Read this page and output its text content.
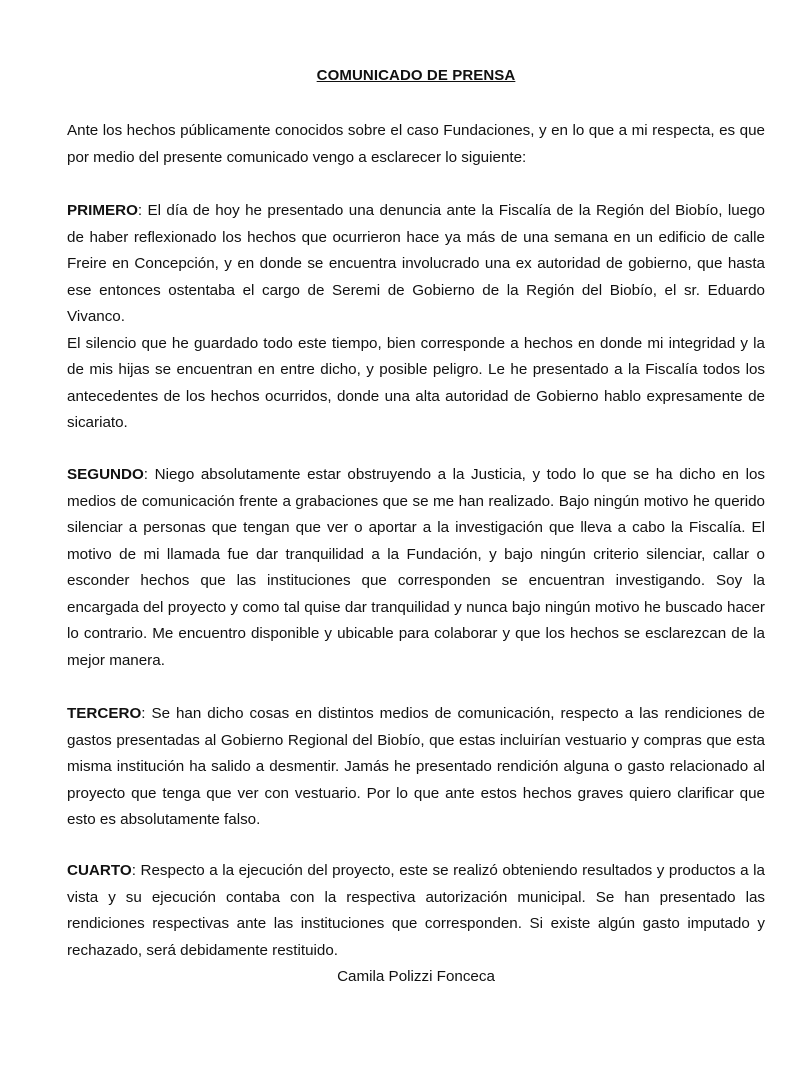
COMUNICADO DE PRENSA

Ante los hechos públicamente conocidos sobre el caso Fundaciones, y en lo que a mi respecta, es que por medio del presente comunicado vengo a esclarecer lo siguiente:

PRIMERO: El día de hoy he presentado una denuncia ante la Fiscalía de la Región del Biobío, luego de haber reflexionado los hechos que ocurrieron hace ya más de una semana en un edificio de calle Freire en Concepción, y en donde se encuentra involucrado una ex autoridad de gobierno, que hasta ese entonces ostentaba el cargo de Seremi de Gobierno de la Región del Biobío, el sr. Eduardo Vivanco.

El silencio que he guardado todo este tiempo, bien corresponde a hechos en donde mi integridad y la de mis hijas se encuentran en entre dicho, y posible peligro. Le he presentado a la Fiscalía todos los antecedentes de los hechos ocurridos, donde una alta autoridad de Gobierno hablo expresamente de sicariato.

SEGUNDO: Niego absolutamente estar obstruyendo a la Justicia, y todo lo que se ha dicho en los medios de comunicación frente a grabaciones que se me han realizado. Bajo ningún motivo he querido silenciar a personas que tengan que ver o aportar a la investigación que lleva a cabo la Fiscalía. El motivo de mi llamada fue dar tranquilidad a la Fundación, y bajo ningún criterio silenciar, callar o esconder hechos que las instituciones que corresponden se encuentran investigando. Soy la encargada del proyecto y como tal quise dar tranquilidad y nunca bajo ningún motivo he buscado hacer lo contrario. Me encuentro disponible y ubicable para colaborar y que los hechos se esclarezcan de la mejor manera.

TERCERO: Se han dicho cosas en distintos medios de comunicación, respecto a las rendiciones de gastos presentadas al Gobierno Regional del Biobío, que estas incluirían vestuario y compras que esta misma institución ha salido a desmentir. Jamás he presentado rendición alguna o gasto relacionado al proyecto que tenga que ver con vestuario. Por lo que ante estos hechos graves quiero clarificar que esto es absolutamente falso.

CUARTO: Respecto a la ejecución del proyecto, este se realizó obteniendo resultados y productos a la vista y su ejecución contaba con la respectiva autorización municipal. Se han presentado las rendiciones respectivas ante las instituciones que corresponden. Si existe algún gasto imputado y rechazado, será debidamente restituido.

Camila Polizzi Fonceca
